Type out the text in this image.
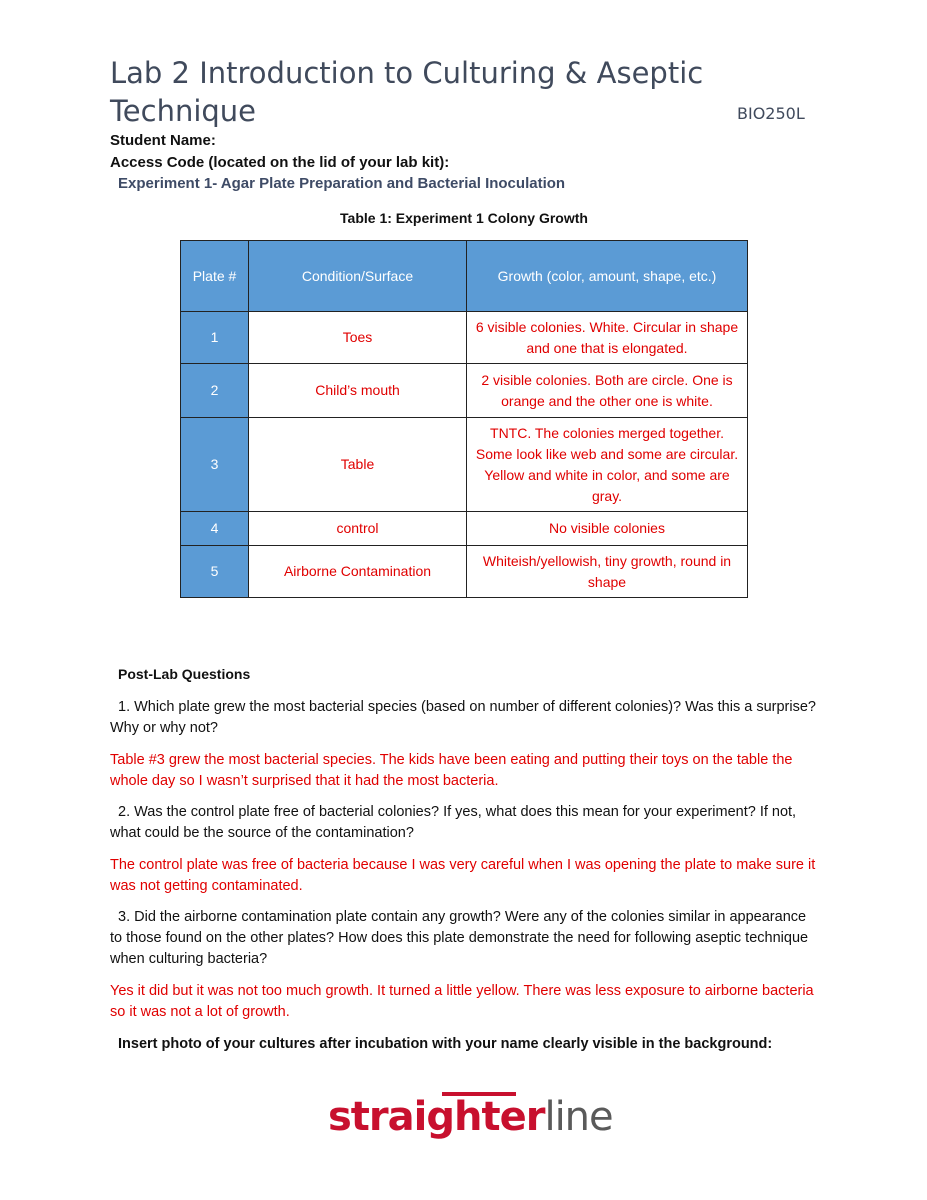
Lab 2 Introduction to Culturing & Aseptic Technique	BIO250L
Student Name:
Access Code (located on the lid of your lab kit):
Experiment 1- Agar Plate Preparation and Bacterial Inoculation
Table 1: Experiment 1 Colony Growth
Plate #	Condition/Surface	Growth (color, amount, shape, etc.)
1	Toes	6 visible colonies. White. Circular in shape and one that is elongated.
2	Child’s mouth	2 visible colonies. Both are circle. One is orange and the other one is white.
3	Table	TNTC. The colonies merged together. Some look like web and some are circular. Yellow and white in color, and some are gray.
4	control	No visible colonies
5	Airborne Contamination	Whiteish/yellowish, tiny growth, round in shape
Post-Lab Questions
1. Which plate grew the most bacterial species (based on number of different colonies)? Was this a surprise? Why or why not?
Table #3 grew the most bacterial species. The kids have been eating and putting their toys on the table the whole day so I wasn’t surprised that it had the most bacteria.
2. Was the control plate free of bacterial colonies? If yes, what does this mean for your experiment? If not, what could be the source of the contamination?
The control plate was free of bacteria because I was very careful when I was opening the plate to make sure it was not getting contaminated.
3. Did the airborne contamination plate contain any growth? Were any of the colonies similar in appearance to those found on the other plates? How does this plate demonstrate the need for following aseptic technique when culturing bacteria?
Yes it did but it was not too much growth. It turned a little yellow. There was less exposure to airborne bacteria so it was not a lot of growth.
Insert photo of your cultures after incubation with your name clearly visible in the background:
straighterline
